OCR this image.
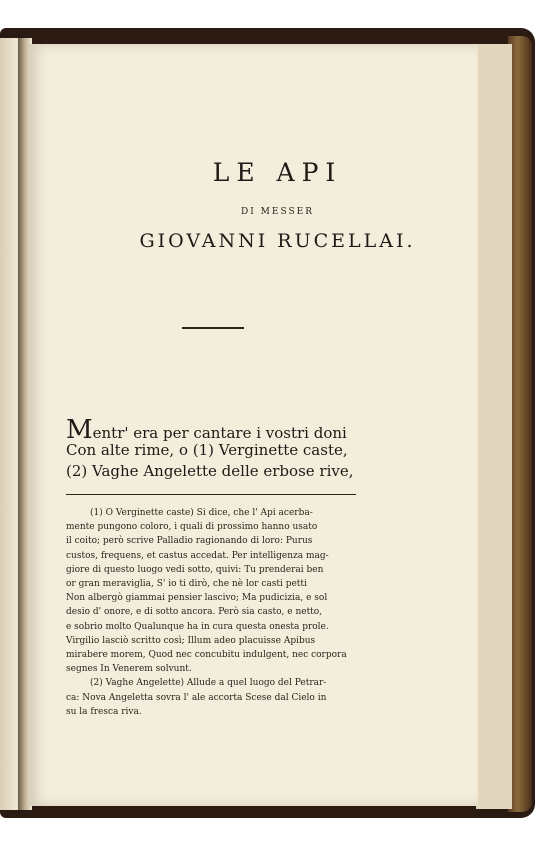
LE API
DI MESSER
GIOVANNI RUCELLAI.
Mentr' era per cantare i vostri doni
Con alte rime, o (1) Verginette caste,
(2) Vaghe Angelette delle erbose rive,
(1) O Verginette caste) Si dice, che l' Api acerba-
mente pungono coloro, i quali di prossimo hanno usato
il coito; però scrive Palladio ragionando di loro: Purus
custos, frequens, et castus accedat. Per intelligenza mag-
giore di questo luogo vedi sotto, quivi: Tu prenderai ben
or gran meraviglia, S' io ti dirò, che nè lor casti petti
Non albergò giammai pensier lascivo; Ma pudicizia, e sol
desio d' onore, e di sotto ancora. Però sia casto, e netto,
e sobrio molto Qualunque ha in cura questa onesta prole.
Virgilio lasciò scritto così; Illum adeo placuisse Apibus
mirabere morem, Quod nec concubitu indulgent, nec corpora
segnes In Venerem solvunt.
(2) Vaghe Angelette) Allude a quel luogo del Petrar-
ca: Nova Angeletta sovra l' ale accorta Scese dal Cielo in
su la fresca riva.
